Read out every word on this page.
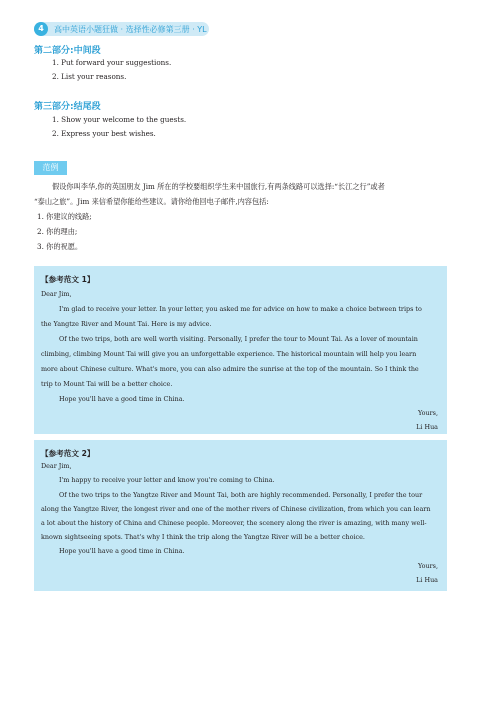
4	高中英语小题狂做 · 选择性必修第三册 · YL
第二部分:中间段
1. Put forward your suggestions.
2. List your reasons.
第三部分:结尾段
1. Show your welcome to the guests.
2. Express your best wishes.
范例
假设你叫李华,你的英国朋友 Jim 所在的学校要组织学生来中国旅行,有两条线路可以选择:“长江之行”或者
“泰山之旅”。Jim 来信希望你能给些建议。请你给他回电子邮件,内容包括:
1. 你建议的线路;
2. 你的理由;
3. 你的祝愿。
【参考范文 1】
Dear Jim,
I'm glad to receive your letter. In your letter, you asked me for advice on how to make a choice between trips to
the Yangtze River and Mount Tai. Here is my advice.
Of the two trips, both are well worth visiting. Personally, I prefer the tour to Mount Tai. As a lover of mountain
climbing, climbing Mount Tai will give you an unforgettable experience. The historical mountain will help you learn
more about Chinese culture. What's more, you can also admire the sunrise at the top of the mountain. So I think the
trip to Mount Tai will be a better choice.
Hope you'll have a good time in China.
Yours,
Li Hua
【参考范文 2】
Dear Jim,
I'm happy to receive your letter and know you're coming to China.
Of the two trips to the Yangtze River and Mount Tai, both are highly recommended. Personally, I prefer the tour
along the Yangtze River, the longest river and one of the mother rivers of Chinese civilization, from which you can learn
a lot about the history of China and Chinese people. Moreover, the scenery along the river is amazing, with many well-
known sightseeing spots. That's why I think the trip along the Yangtze River will be a better choice.
Hope you'll have a good time in China.
Yours,
Li Hua
